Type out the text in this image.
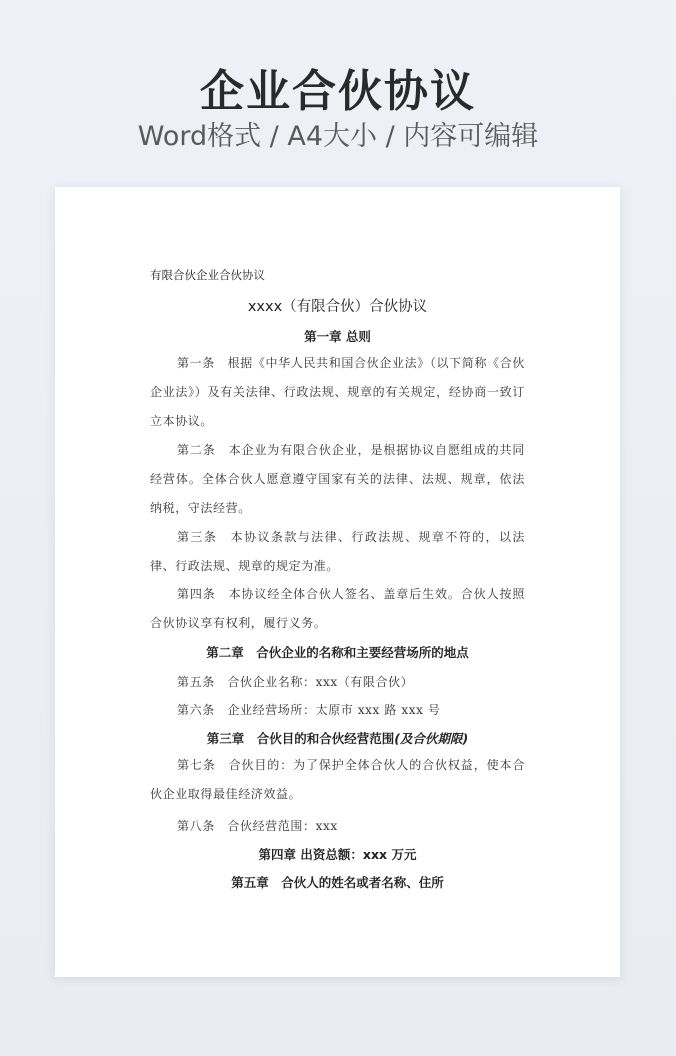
企业合伙协议
Word格式 / A4大小 / 内容可编辑
有限合伙企业合伙协议
xxxx（有限合伙）合伙协议
第一章 总则
第一条　根据《中华人民共和国合伙企业法》（以下简称《合伙企业法》）及有关法律、行政法规、规章的有关规定，经协商一致订立本协议。
第二条　本企业为有限合伙企业，是根据协议自愿组成的共同经营体。全体合伙人愿意遵守国家有关的法律、法规、规章，依法纳税，守法经营。
第三条　本协议条款与法律、行政法规、规章不符的，以法律、行政法规、规章的规定为准。
第四条　本协议经全体合伙人签名、盖章后生效。合伙人按照合伙协议享有权利，履行义务。
第二章　合伙企业的名称和主要经营场所的地点
第五条　合伙企业名称：xxx（有限合伙）
第六条　企业经营场所：太原市 xxx 路 xxx 号
第三章　合伙目的和合伙经营范围(及合伙期限)
第七条　合伙目的：为了保护全体合伙人的合伙权益，使本合伙企业取得最佳经济效益。
第八条　合伙经营范围：xxx
第四章 出资总额：xxx 万元
第五章　合伙人的姓名或者名称、住所
